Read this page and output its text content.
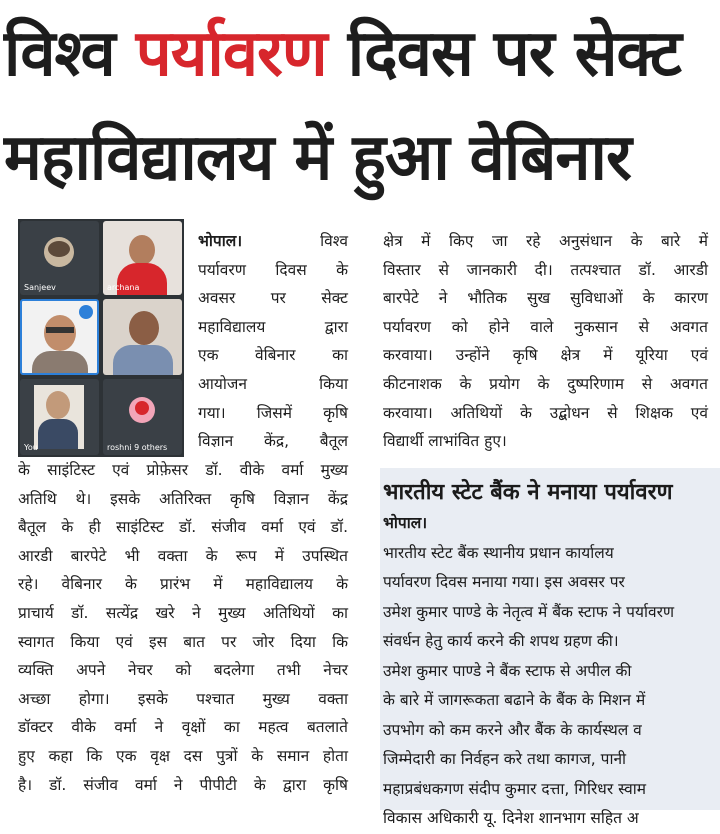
विश्व पर्यावरण दिवस पर सेक्ट
महाविद्यालय में हुआ वेबिनार
Sanjeev	archana
You	roshni 9 others
भोपाल। विश्व
पर्यावरण दिवस के
अवसर पर सेक्ट
महाविद्यालय द्वारा
एक वेबिनार का
आयोजन किया
गया। जिसमें कृषि
विज्ञान केंद्र, बैतूल
के साइंटिस्ट एवं प्रोफ़ेसर डॉ. वीके वर्मा मुख्य
अतिथि थे। इसके अतिरिक्त कृषि विज्ञान केंद्र
बैतूल के ही साइंटिस्ट डॉ. संजीव वर्मा एवं डॉ.
आरडी बारपेटे भी वक्ता के रूप में उपस्थित
रहे। वेबिनार के प्रारंभ में महाविद्यालय के
प्राचार्य डॉ. सत्येंद्र खरे ने मुख्य अतिथियों का
स्वागत किया एवं इस बात पर जोर दिया कि
व्यक्ति अपने नेचर को बदलेगा तभी नेचर
अच्छा होगा। इसके पश्चात मुख्य वक्ता
डॉक्टर वीके वर्मा ने वृक्षों का महत्व बतलाते
हुए कहा कि एक वृक्ष दस पुत्रों के समान होता
है। डॉ. संजीव वर्मा ने पीपीटी के द्वारा कृषि
क्षेत्र में किए जा रहे अनुसंधान के बारे में
विस्तार से जानकारी दी। तत्पश्चात डॉ. आरडी
बारपेटे ने भौतिक सुख सुविधाओं के कारण
पर्यावरण को होने वाले नुकसान से अवगत
करवाया। उन्होंने कृषि क्षेत्र में यूरिया एवं
कीटनाशक के प्रयोग के दुष्परिणाम से अवगत
करवाया। अतिथियों के उद्बोधन से शिक्षक एवं
विद्यार्थी लाभांवित हुए।
भारतीय स्टेट बैंक ने मनाया पर्यावरण
भोपाल।
भारतीय स्टेट बैंक स्थानीय प्रधान कार्यालय
पर्यावरण दिवस मनाया गया। इस अवसर पर
उमेश कुमार पाण्डे के नेतृत्व में बैंक स्टाफ ने पर्यावरण
संवर्धन हेतु कार्य करने की शपथ ग्रहण की।
उमेश कुमार पाण्डे ने बैंक स्टाफ से अपील की
के बारे में जागरूकता बढाने के बैंक के मिशन में
उपभोग को कम करने और बैंक के कार्यस्थल व
जिम्मेदारी का निर्वहन करे तथा कागज, पानी
महाप्रबंधकगण संदीप कुमार दत्ता, गिरिधर स्वाम
विकास अधिकारी यू. दिनेश शानभाग सहित अ
